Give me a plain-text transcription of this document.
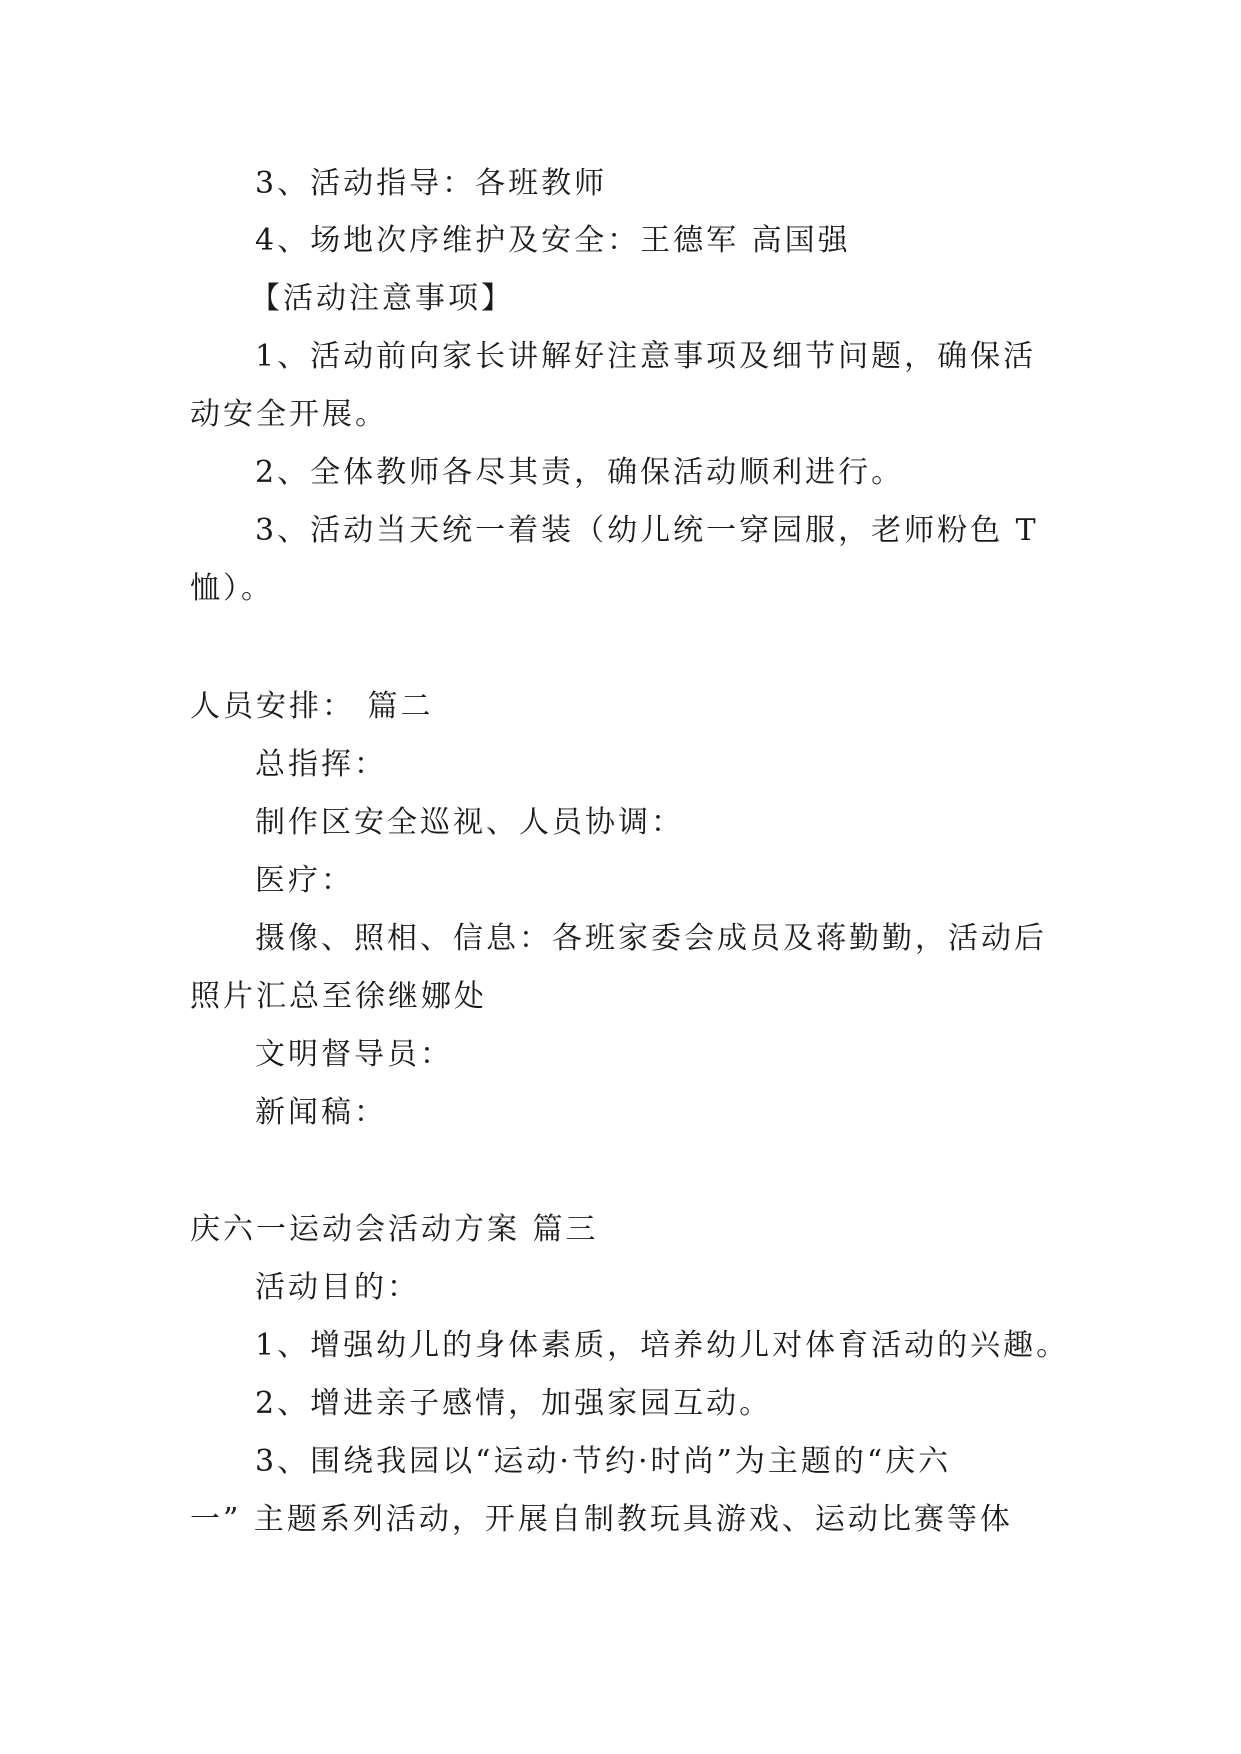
3、活动指导：各班教师
4、场地次序维护及安全：王德军 高国强
【活动注意事项】
1、活动前向家长讲解好注意事项及细节问题，确保活
动安全开展。
2、全体教师各尽其责，确保活动顺利进行。
3、活动当天统一着装（幼儿统一穿园服，老师粉色 T
恤）。
人员安排： 篇二
总指挥：
制作区安全巡视、人员协调：
医疗：
摄像、照相、信息：各班家委会成员及蒋勤勤，活动后
照片汇总至徐继娜处
文明督导员：
新闻稿：
庆六一运动会活动方案 篇三
活动目的：
1、增强幼儿的身体素质，培养幼儿对体育活动的兴趣。
2、增进亲子感情，加强家园互动。
3、围绕我园以“运动·节约·时尚”为主题的“庆六
一” 主题系列活动，开展自制教玩具游戏、运动比赛等体
